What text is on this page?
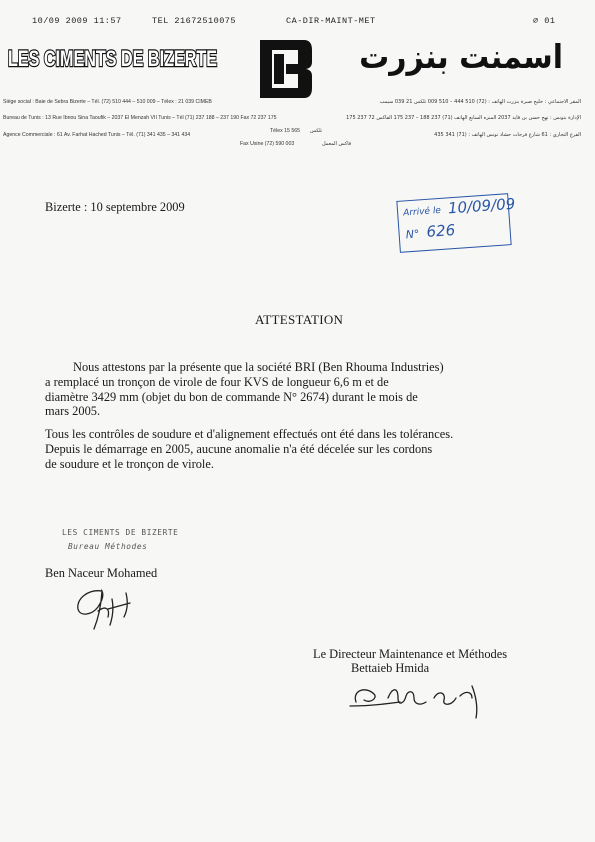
10/09 2009 11:57	TEL 21672510075	CA-DIR-MAINT-MET	∅ 01
LES CIMENTS DE BIZERTE	اسمنت بنزرت
Siège social : Baie de Sebra Bizerte – Tél. (72) 510 444 – 510 009 – Télex : 21 039 CIMEB
Bureau de Tunis : 13 Rue Ibnou Sina Taoufik – 2037 El Menzah VII Tunis – Tél (71) 237 188 – 237 190 Fax 72 237 175
Agence Commerciale : 61 Av. Farhat Hached Tunis – Tél. (71) 341 435 – 341 434
المقر الاجتماعي : خليج صبرة بنزرت الهاتف : (72) 510 444 – 510 009 تلكس 21 039 سيمب
الإدارة بتونس : نهج حسن بن قايد 2037 المنزه السابع الهاتف (71) 237 188 – 237 175 الفاكس 72 237 175
الفرع التجاري : 61 شارع فرحات حشاد تونس الهاتف : (71) 341 435
Télex 15 565 تلكس
Fax Usine (72) 590 003	فاكس المعمل
Bizerte : 10 septembre 2009	Arrivé le 10/09/09
N° 626
ATTESTATION
Nous attestons par la présente que la société BRI (Ben Rhouma Industries)
a remplacé un tronçon de virole de four KVS de longueur 6,6 m et de
diamètre 3429 mm (objet du bon de commande N° 2674) durant le mois de
mars 2005.
Tous les contrôles de soudure et d'alignement effectués ont été dans les tolérances.
Depuis le démarrage en 2005, aucune anomalie n'a été décelée sur les cordons
de soudure et le tronçon de virole.
LES CIMENTS DE BIZERTE
Bureau Méthodes
Ben Naceur Mohamed
Le Directeur Maintenance et Méthodes
Bettaieb Hmida
